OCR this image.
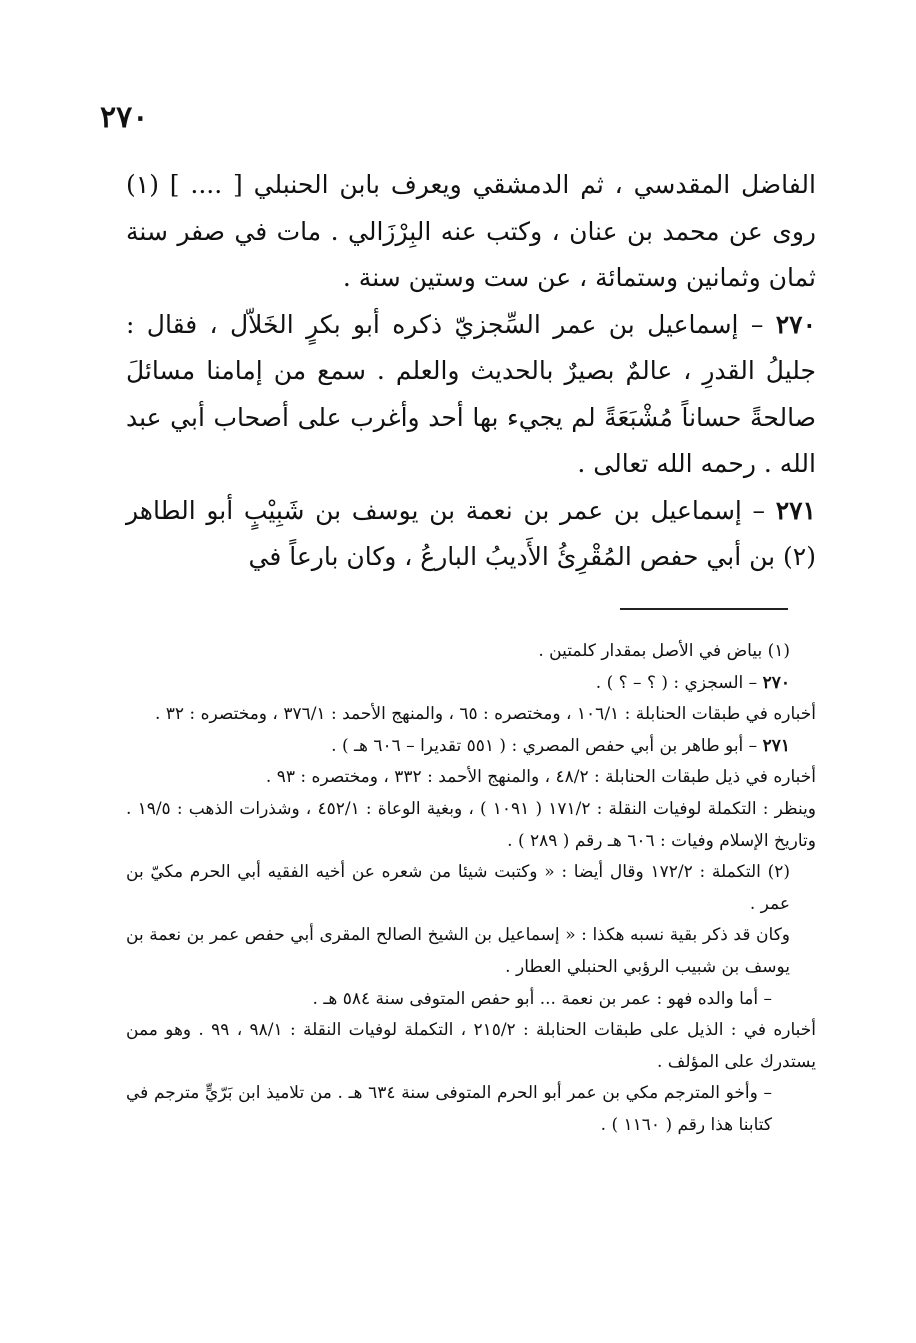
٢٧٠

الفاضل المقدسي ، ثم الدمشقي ويعرف بابن الحنبلي [ .... ] (١) روى عن محمد بن عنان ، وكتب عنه البِرْزَالي . مات في صفر سنة ثمان وثمانين وستمائة ، عن ست وستين سنة .

٢٧٠ – إسماعيل بن عمر السِّجزيّ ذكره أبو بكرٍ الخَلاّل ، فقال : جليلُ القدرِ ، عالمٌ بصيرٌ بالحديث والعلم . سمع من إمامنا مسائلَ صالحةً حساناً مُشْبَعَةً لم يجيء بها أحد وأغرب على أصحاب أبي عبد الله . رحمه الله تعالى .

٢٧١ – إسماعيل بن عمر بن نعمة بن يوسف بن شَبِيْبٍ أبو الطاهر (٢) بن أبي حفص المُقْرِئُ الأَديبُ البارعُ ، وكان بارعاً في

(١) بياض في الأصل بمقدار كلمتين .

٢٧٠ – السجزي : ( ؟ – ؟ ) .

أخباره في طبقات الحنابلة : ١٠٦/١ ، ومختصره : ٦٥ ، والمنهج الأحمد : ٣٧٦/١ ، ومختصره : ٣٢ .

٢٧١ – أبو طاهر بن أبي حفص المصري : ( ٥٥١ تقديرا – ٦٠٦ هـ ) .

أخباره في ذيل طبقات الحنابلة : ٤٨/٢ ، والمنهج الأحمد : ٣٣٢ ، ومختصره : ٩٣ .

وينظر : التكملة لوفيات النقلة : ١٧١/٢ ( ١٠٩١ ) ، وبغية الوعاة : ٤٥٢/١ ، وشذرات الذهب : ١٩/٥ . وتاريخ الإسلام وفيات : ٦٠٦ هـ رقم ( ٢٨٩ ) .

(٢) التكملة : ١٧٢/٢ وقال أيضا : « وكتبت شيئا من شعره عن أخيه الفقيه أبي الحرم مكيّ بن عمر .

وكان قد ذكر بقية نسبه هكذا : « إسماعيل بن الشيخ الصالح المقرى أبي حفص عمر بن نعمة بن يوسف بن شبيب الرؤبي الحنبلي العطار .

– أما والده فهو : عمر بن نعمة ... أبو حفص المتوفى سنة ٥٨٤ هـ .

أخباره في : الذيل على طبقات الحنابلة : ٢١٥/٢ ، التكملة لوفيات النقلة : ٩٨/١ ، ٩٩ . وهو ممن يستدرك على المؤلف .

– وأخو المترجم مكي بن عمر أبو الحرم المتوفى سنة ٦٣٤ هـ . من تلاميذ ابن بَرّيٍّ مترجم في كتابنا هذا رقم ( ١١٦٠ ) .
